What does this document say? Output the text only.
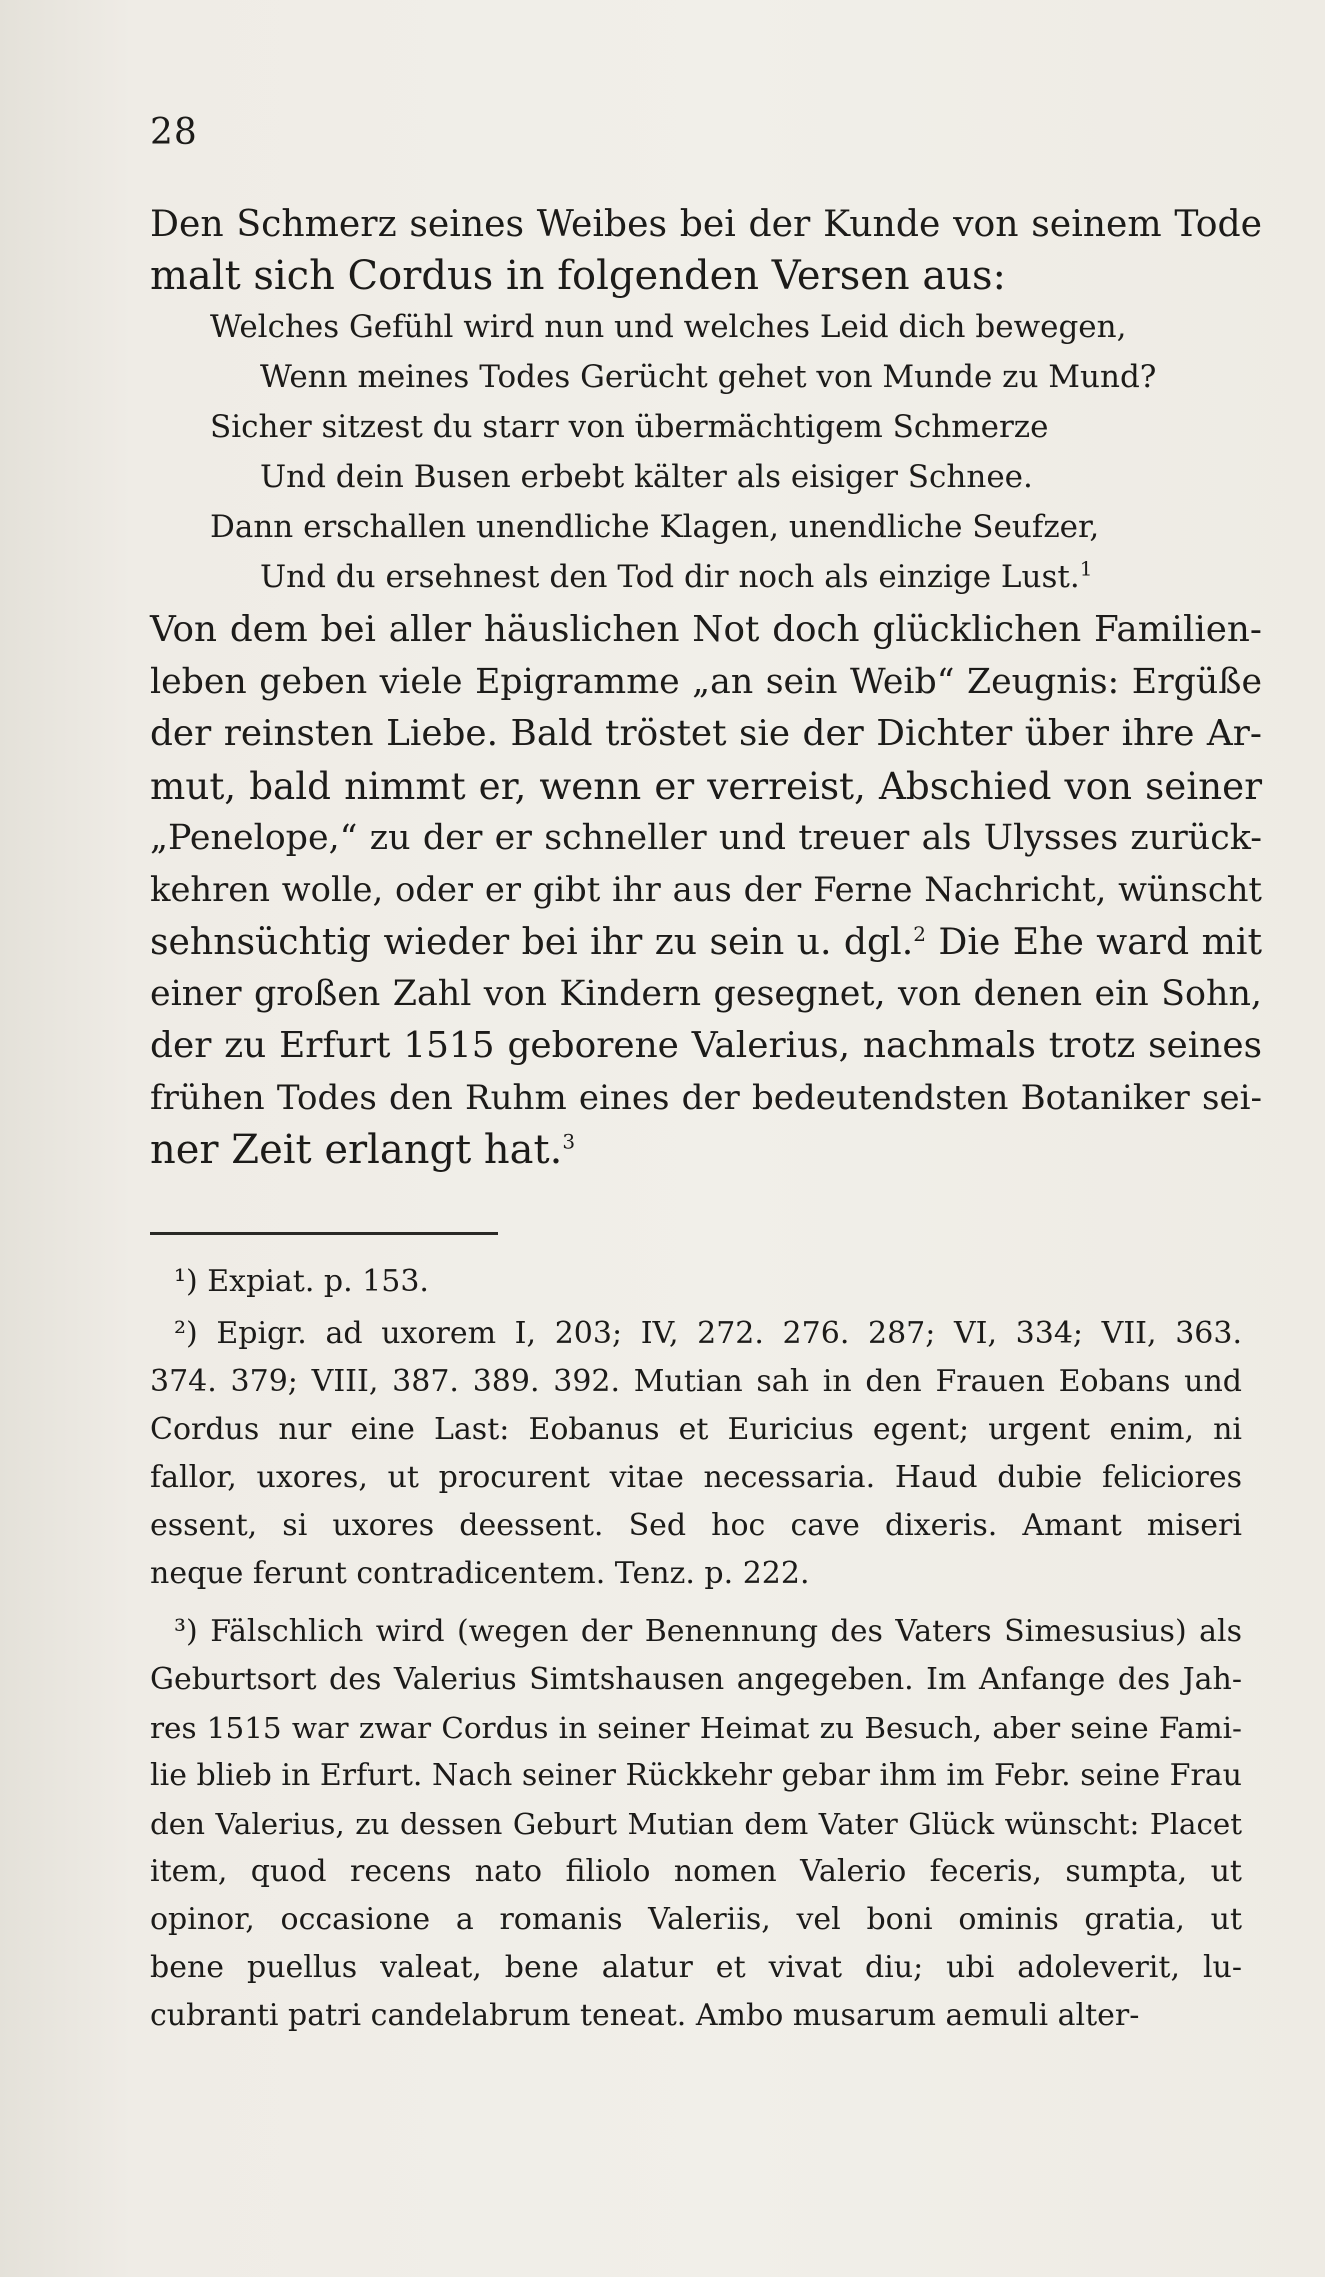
28

Den Schmerz seines Weibes bei der Kunde von seinem Tode

malt sich Cordus in folgenden Versen aus:

Welches Gefühl wird nun und welches Leid dich bewegen,

Wenn meines Todes Gerücht gehet von Munde zu Mund?

Sicher sitzest du starr von übermächtigem Schmerze

Und dein Busen erbebt kälter als eisiger Schnee.

Dann erschallen unendliche Klagen, unendliche Seufzer,

Und du ersehnest den Tod dir noch als einzige Lust.$^1$

Von dem bei aller häuslichen Not doch glücklichen Familien-

leben geben viele Epigramme „an sein Weib“ Zeugnis: Ergüße

der reinsten Liebe. Bald tröstet sie der Dichter über ihre Ar-

mut, bald nimmt er, wenn er verreist, Abschied von seiner

„Penelope,“ zu der er schneller und treuer als Ulysses zurück-

kehren wolle, oder er gibt ihr aus der Ferne Nachricht, wünscht

sehnsüchtig wieder bei ihr zu sein u. dgl.$^2$ Die Ehe ward mit

einer großen Zahl von Kindern gesegnet, von denen ein Sohn,

der zu Erfurt 1515 geborene Valerius, nachmals trotz seines

frühen Todes den Ruhm eines der bedeutendsten Botaniker sei-

ner Zeit erlangt hat.$^3$

¹) Expiat. p. 153.

²) Epigr. ad uxorem I, 203; IV, 272. 276. 287; VI, 334; VII, 363.

374. 379; VIII, 387. 389. 392. Mutian sah in den Frauen Eobans und

Cordus nur eine Last: Eobanus et Euricius egent; urgent enim, ni

fallor, uxores, ut procurent vitae necessaria. Haud dubie feliciores

essent, si uxores deessent. Sed hoc cave dixeris. Amant miseri

neque ferunt contradicentem. Tenz. p. 222.

³) Fälschlich wird (wegen der Benennung des Vaters Simesusius) als

Geburtsort des Valerius Simtshausen angegeben. Im Anfange des Jah-

res 1515 war zwar Cordus in seiner Heimat zu Besuch, aber seine Fami-

lie blieb in Erfurt. Nach seiner Rückkehr gebar ihm im Febr. seine Frau

den Valerius, zu dessen Geburt Mutian dem Vater Glück wünscht: Placet

item, quod recens nato filiolo nomen Valerio feceris, sumpta, ut

opinor, occasione a romanis Valeriis, vel boni ominis gratia, ut

bene puellus valeat, bene alatur et vivat diu; ubi adoleverit, lu-

cubranti patri candelabrum teneat. Ambo musarum aemuli alter-
